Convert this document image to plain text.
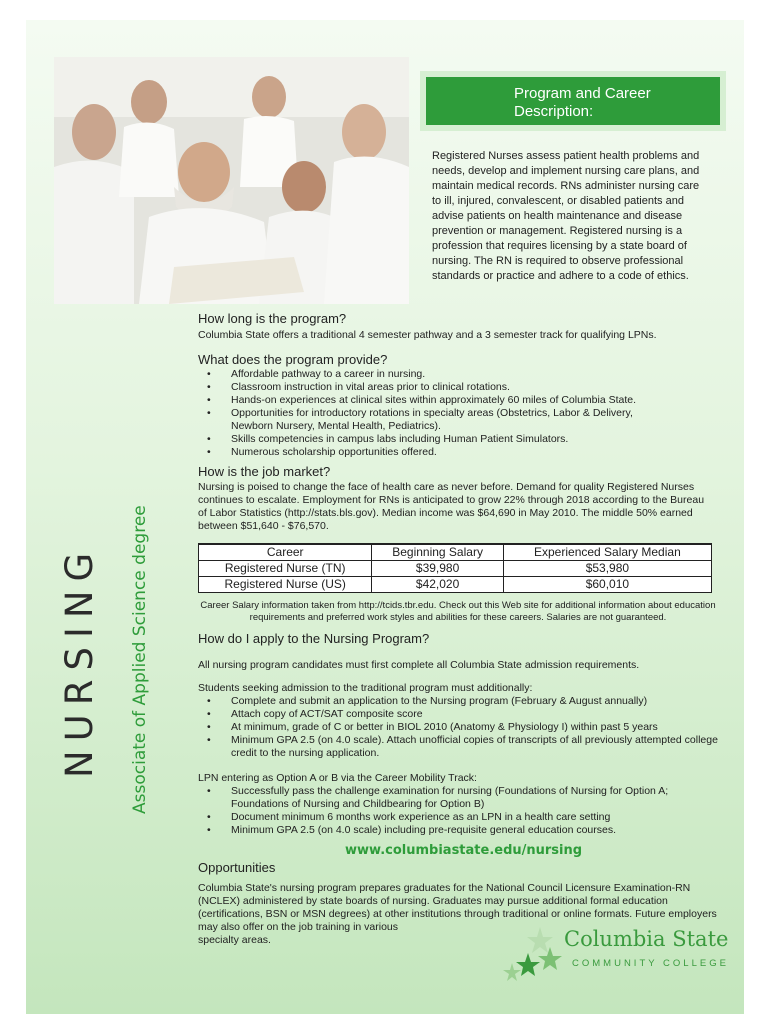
Program and Career
Description:
Registered Nurses assess patient health problems and needs, develop and implement nursing care plans, and maintain medical records. RNs administer nursing care to ill, injured, convalescent, or disabled patients and advise patients on health maintenance and disease prevention or management. Registered nursing is a profession that requires licensing by a state board of nursing. The RN is required to observe professional standards or practice and adhere to a code of ethics.
NURSING Associate of Applied Science degree
How long is the program?
Columbia State offers a traditional 4 semester pathway and a 3 semester track for qualifying LPNs.
What does the program provide?
• Affordable pathway to a career in nursing.
• Classroom instruction in vital areas prior to clinical rotations.
• Hands-on experiences at clinical sites within approximately 60 miles of Columbia State.
• Opportunities for introductory rotations in specialty areas (Obstetrics, Labor & Delivery, Newborn Nursery, Mental Health, Pediatrics).
• Skills competencies in campus labs including Human Patient Simulators.
• Numerous scholarship opportunities offered.
How is the job market?
Nursing is poised to change the face of health care as never before. Demand for quality Registered Nurses continues to escalate. Employment for RNs is anticipated to grow 22% through 2018 according to the Bureau of Labor Statistics (http://stats.bls.gov). Median income was $64,690 in May 2010. The middle 50% earned between $51,640 - $76,570.
Career	Beginning Salary	Experienced Salary Median
Registered Nurse (TN)	$39,980	$53,980
Registered Nurse (US)	$42,020	$60,010
Career Salary information taken from http://tcids.tbr.edu. Check out this Web site for additional information about education requirements and preferred work styles and abilities for these careers. Salaries are not guaranteed.
How do I apply to the Nursing Program?
All nursing program candidates must first complete all Columbia State admission requirements.
Students seeking admission to the traditional program must additionally:
• Complete and submit an application to the Nursing program (February & August annually)
• Attach copy of ACT/SAT composite score
• At minimum, grade of C or better in BIOL 2010 (Anatomy & Physiology I) within past 5 years
• Minimum GPA 2.5 (on 4.0 scale). Attach unofficial copies of transcripts of all previously attempted college credit to the nursing application.
LPN entering as Option A or B via the Career Mobility Track:
• Successfully pass the challenge examination for nursing (Foundations of Nursing for Option A; Foundations of Nursing and Childbearing for Option B)
• Document minimum 6 months work experience as an LPN in a health care setting
• Minimum GPA 2.5 (on 4.0 scale) including pre-requisite general education courses.
www.columbiastate.edu/nursing
Opportunities
Columbia State's nursing program prepares graduates for the National Council Licensure Examination-RN (NCLEX) administered by state boards of nursing. Graduates may pursue additional formal education (certifications, BSN or MSN degrees) at other institutions through traditional or online formats. Future employers may also offer on the job training in various
specialty areas.	Columbia State
COMMUNITY COLLEGE
